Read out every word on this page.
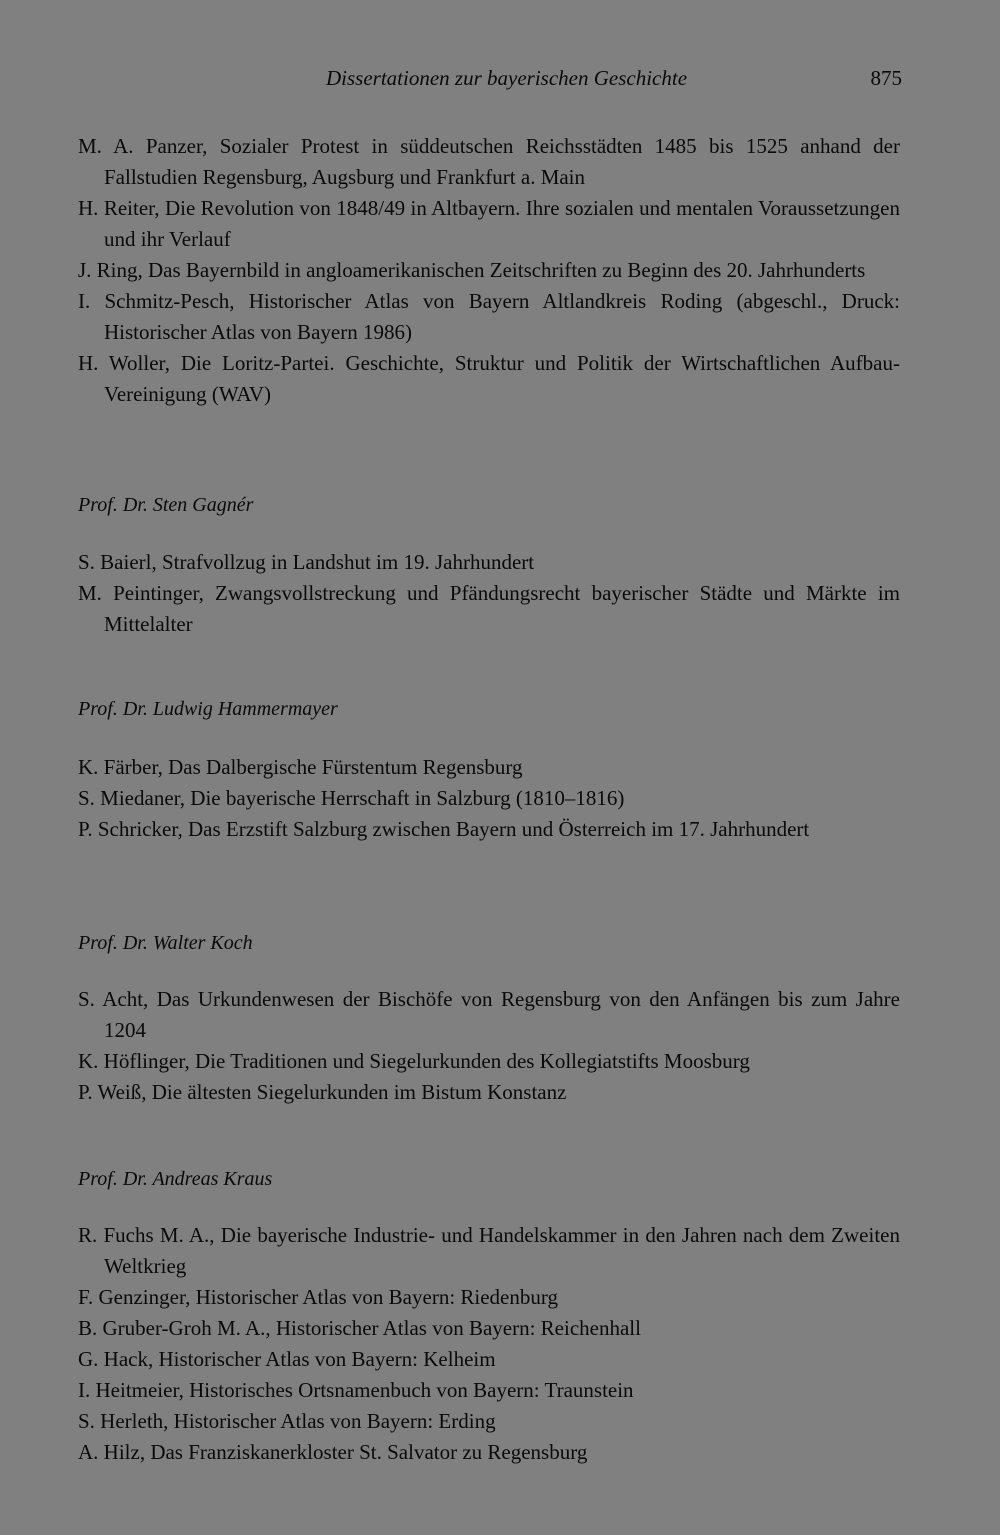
Dissertationen zur bayerischen Geschichte	875
M. A. Panzer, Sozialer Protest in süddeutschen Reichsstädten 1485 bis 1525 anhand der Fallstudien Regensburg, Augsburg und Frankfurt a. Main
H. Reiter, Die Revolution von 1848/49 in Altbayern. Ihre sozialen und mentalen Voraussetzungen und ihr Verlauf
J. Ring, Das Bayernbild in angloamerikanischen Zeitschriften zu Beginn des 20. Jahrhunderts
I. Schmitz-Pesch, Historischer Atlas von Bayern Altlandkreis Roding (abgeschl., Druck: Historischer Atlas von Bayern 1986)
H. Woller, Die Loritz-Partei. Geschichte, Struktur und Politik der Wirtschaftlichen Aufbau-Vereinigung (WAV)
Prof. Dr. Sten Gagnér
S. Baierl, Strafvollzug in Landshut im 19. Jahrhundert
M. Peintinger, Zwangsvollstreckung und Pfändungsrecht bayerischer Städte und Märkte im Mittelalter
Prof. Dr. Ludwig Hammermayer
K. Färber, Das Dalbergische Fürstentum Regensburg
S. Miedaner, Die bayerische Herrschaft in Salzburg (1810–1816)
P. Schricker, Das Erzstift Salzburg zwischen Bayern und Österreich im 17. Jahrhundert
Prof. Dr. Walter Koch
S. Acht, Das Urkundenwesen der Bischöfe von Regensburg von den Anfängen bis zum Jahre 1204
K. Höflinger, Die Traditionen und Siegelurkunden des Kollegiatstifts Moosburg
P. Weiß, Die ältesten Siegelurkunden im Bistum Konstanz
Prof. Dr. Andreas Kraus
R. Fuchs M. A., Die bayerische Industrie- und Handelskammer in den Jahren nach dem Zweiten Weltkrieg
F. Genzinger, Historischer Atlas von Bayern: Riedenburg
B. Gruber-Groh M. A., Historischer Atlas von Bayern: Reichenhall
G. Hack, Historischer Atlas von Bayern: Kelheim
I. Heitmeier, Historisches Ortsnamenbuch von Bayern: Traunstein
S. Herleth, Historischer Atlas von Bayern: Erding
A. Hilz, Das Franziskanerkloster St. Salvator zu Regensburg
